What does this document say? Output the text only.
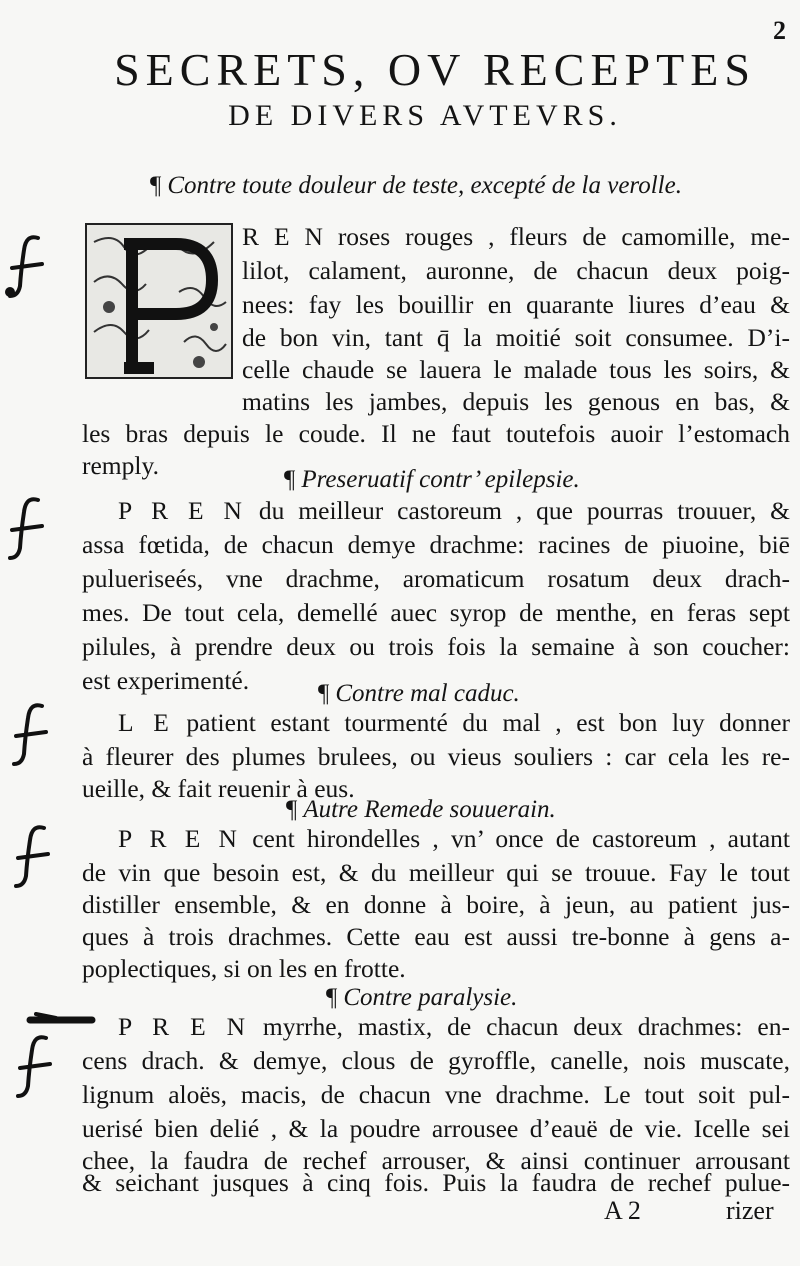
2
SECRETS, OV RECEPTES
DE DIVERS AVTEVRS.
¶ Contre toute douleur de teste, excepté de la verolle.
R E N roses rouges , fleurs de camomille, me-
lilot, calament, auronne, de chacun deux poig-
nees: fay les bouillir en quarante liures d’eau &
de bon vin, tant q̄ la moitié soit consumee. D’i-
celle chaude se lauera le malade tous les soirs, &
matins les jambes, depuis les genous en bas, &
les bras depuis le coude. Il ne faut toutefois auoir l’estomach
remply.	¶ Preseruatif contr’ epilepsie.
P R E N du meilleur castoreum , que pourras trouuer, &
assa fœtida, de chacun demye drachme: racines de piuoine, biē
pulueriseés, vne drachme, aromaticum rosatum deux drach-
mes. De tout cela, demellé auec syrop de menthe, en feras sept
pilules, à prendre deux ou trois fois la semaine à son coucher:
est experimenté.	¶ Contre mal caduc.
L E patient estant tourmenté du mal , est bon luy donner
à fleurer des plumes brulees, ou vieus souliers : car cela les re-
ueille, & fait reuenir à eus.
¶ Autre Remede souuerain.
P R E N cent hirondelles , vn’ once de castoreum , autant
de vin que besoin est, & du meilleur qui se trouue. Fay le tout
distiller ensemble, & en donne à boire, à jeun, au patient jus-
ques à trois drachmes. Cette eau est aussi tre-bonne à gens a-
poplectiques, si on les en frotte.
¶ Contre paralysie.
P R E N myrrhe, mastix, de chacun deux drachmes: en-
cens drach. & demye, clous de gyroffle, canelle, nois muscate,
lignum aloës, macis, de chacun vne drachme. Le tout soit pul-
uerisé bien delié , & la poudre arrousee d’eauë de vie. Icelle sei
chee, la faudra de rechef arrouser, & ainsi continuer arrousant
& seichant jusques à cinq fois. Puis la faudra de rechef pulue-
A 2	rizer
